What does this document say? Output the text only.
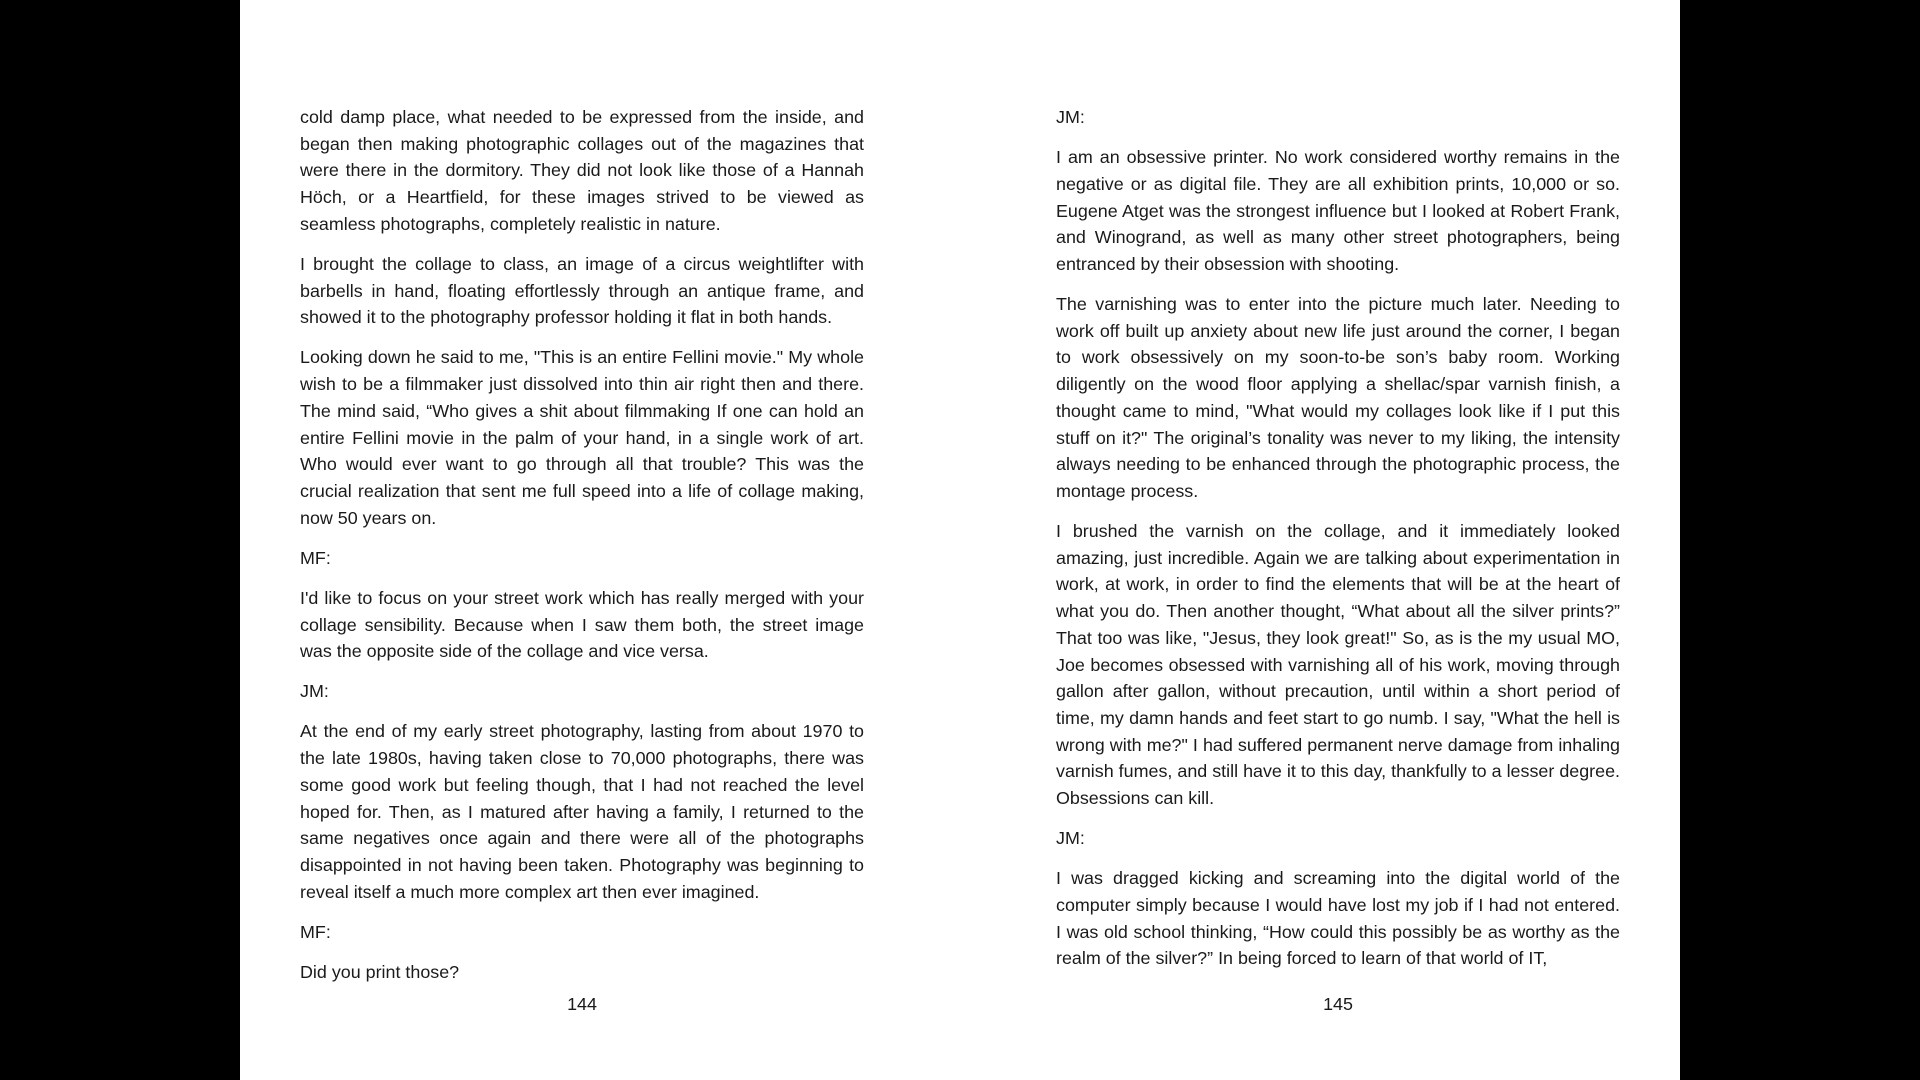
cold damp place, what needed to be expressed from the inside, and began then making photographic collages out of the magazines that were there in the dormitory. They did not look like those of a Hannah Höch, or a Heartfield, for these images strived to be viewed as seamless photographs, completely realistic in nature.

I brought the collage to class, an image of a circus weightlifter with barbells in hand, floating effortlessly through an antique frame, and showed it to the photography professor holding it flat in both hands.

Looking down he said to me, "This is an entire Fellini movie." My whole wish to be a filmmaker just dissolved into thin air right then and there. The mind said, “Who gives a shit about filmmaking If one can hold an entire Fellini movie in the palm of your hand, in a single work of art. Who would ever want to go through all that trouble? This was the crucial realization that sent me full speed into a life of collage making, now 50 years on.

MF:

I'd like to focus on your street work which has really merged with your collage sensibility. Because when I saw them both, the street image was the opposite side of the collage and vice versa.

JM:

At the end of my early street photography, lasting from about 1970 to the late 1980s, having taken close to 70,000 photographs, there was some good work but feeling though, that I had not reached the level hoped for. Then, as I matured after having a family, I returned to the same negatives once again and there were all of the photographs disappointed in not having been taken. Photography was beginning to reveal itself a much more complex art then ever imagined.

MF:

Did you print those?

144

JM:

I am an obsessive printer. No work considered worthy remains in the negative or as digital file. They are all exhibition prints, 10,000 or so. Eugene Atget was the strongest influence but I looked at Robert Frank, and Winogrand, as well as many other street photographers, being entranced by their obsession with shooting.

The varnishing was to enter into the picture much later. Needing to work off built up anxiety about new life just around the corner, I began to work obsessively on my soon-to-be son’s baby room. Working diligently on the wood floor applying a shellac/spar varnish finish, a thought came to mind, "What would my collages look like if I put this stuff on it?" The original’s tonality was never to my liking, the intensity always needing to be enhanced through the photographic process, the montage process.

I brushed the varnish on the collage, and it immediately looked amazing, just incredible. Again we are talking about experimentation in work, at work, in order to find the elements that will be at the heart of what you do. Then another thought, “What about all the silver prints?” That too was like, "Jesus, they look great!" So, as is the my usual MO, Joe becomes obsessed with varnishing all of his work, moving through gallon after gallon, without precaution, until within a short period of time, my damn hands and feet start to go numb. I say, "What the hell is wrong with me?" I had suffered permanent nerve damage from inhaling varnish fumes, and still have it to this day, thankfully to a lesser degree. Obsessions can kill.

JM:

I was dragged kicking and screaming into the digital world of the computer simply because I would have lost my job if I had not entered. I was old school thinking, “How could this possibly be as worthy as the realm of the silver?” In being forced to learn of that world of IT,

145
